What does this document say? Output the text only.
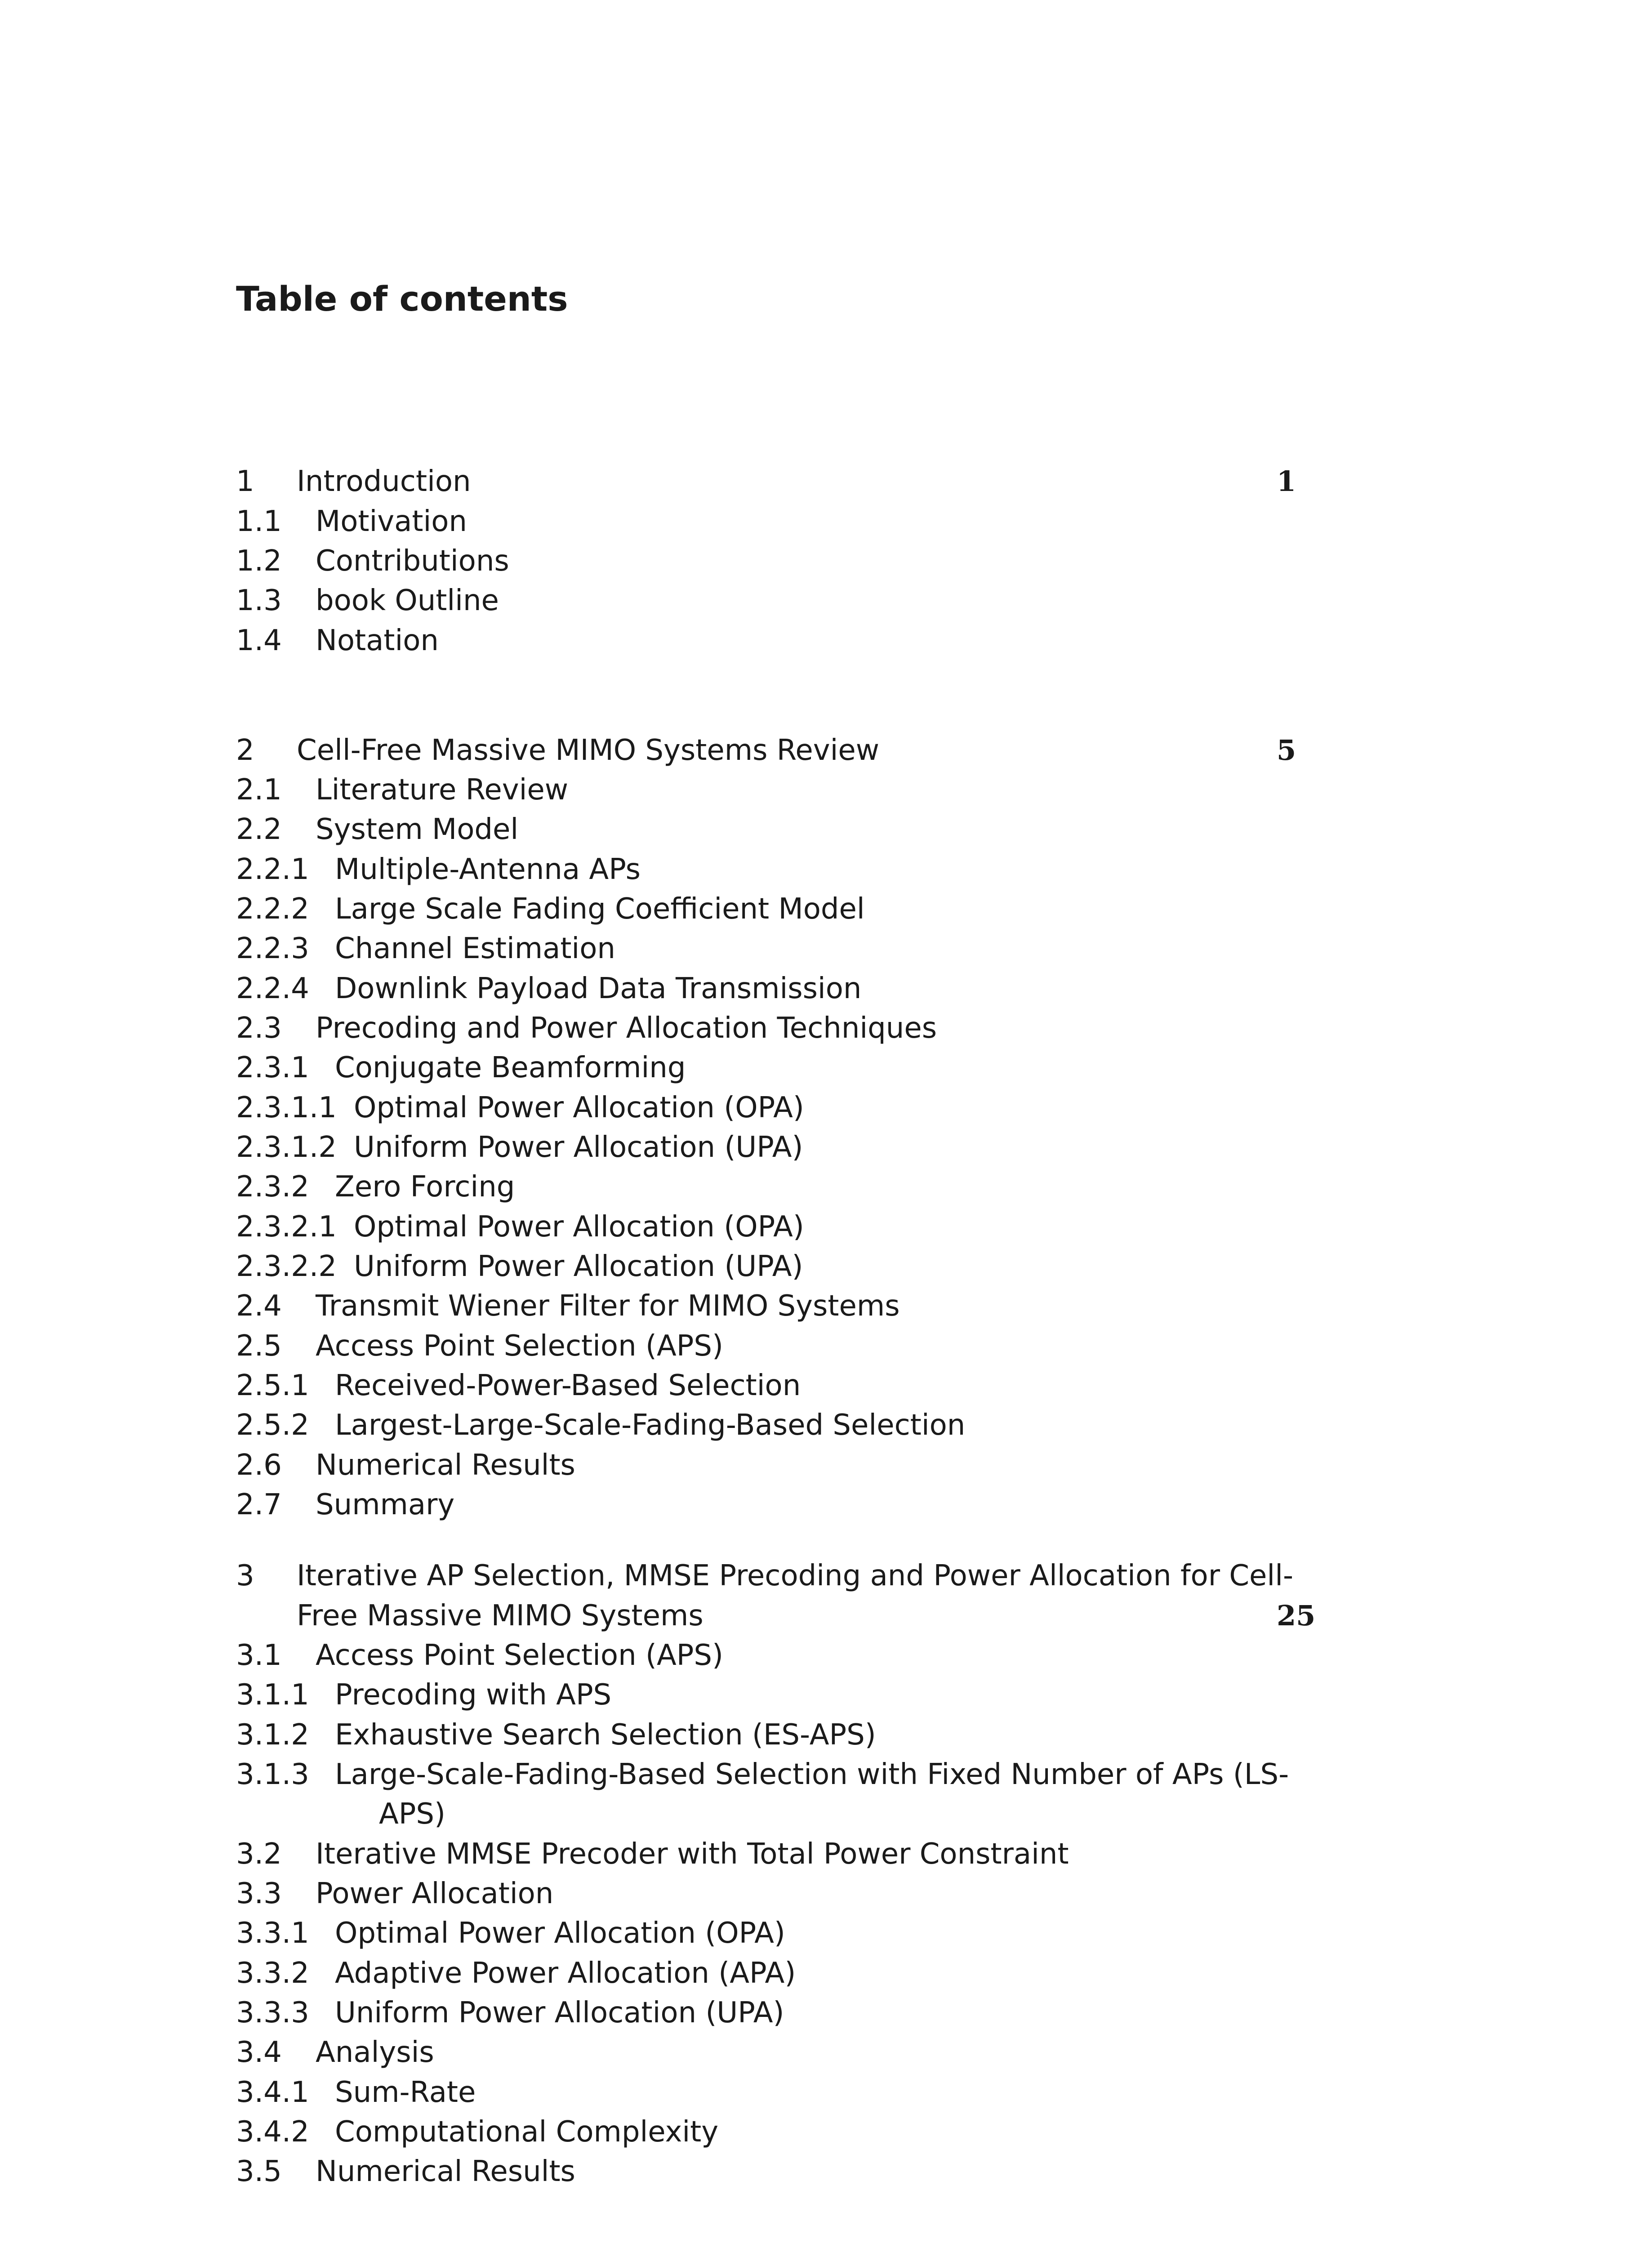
Table of contents
1 Introduction	1
1.1 Motivation
1.2 Contributions
1.3 book Outline
1.4 Notation
2 Cell-Free Massive MIMO Systems Review	5
2.1 Literature Review
2.2 System Model
2.2.1 Multiple-Antenna APs
2.2.2 Large Scale Fading Coefficient Model
2.2.3 Channel Estimation
2.2.4 Downlink Payload Data Transmission
2.3 Precoding and Power Allocation Techniques
2.3.1 Conjugate Beamforming
2.3.1.1 Optimal Power Allocation (OPA)
2.3.1.2 Uniform Power Allocation (UPA)
2.3.2 Zero Forcing
2.3.2.1 Optimal Power Allocation (OPA)
2.3.2.2 Uniform Power Allocation (UPA)
2.4 Transmit Wiener Filter for MIMO Systems
2.5 Access Point Selection (APS)
2.5.1 Received-Power-Based Selection
2.5.2 Largest-Large-Scale-Fading-Based Selection
2.6 Numerical Results
2.7 Summary
3 Iterative AP Selection, MMSE Precoding and Power Allocation for Cell-
Free Massive MIMO Systems	25
3.1 Access Point Selection (APS)
3.1.1 Precoding with APS
3.1.2 Exhaustive Search Selection (ES-APS)
3.1.3 Large-Scale-Fading-Based Selection with Fixed Number of APs (LS-
APS)
3.2 Iterative MMSE Precoder with Total Power Constraint
3.3 Power Allocation
3.3.1 Optimal Power Allocation (OPA)
3.3.2 Adaptive Power Allocation (APA)
3.3.3 Uniform Power Allocation (UPA)
3.4 Analysis
3.4.1 Sum-Rate
3.4.2 Computational Complexity
3.5 Numerical Results
